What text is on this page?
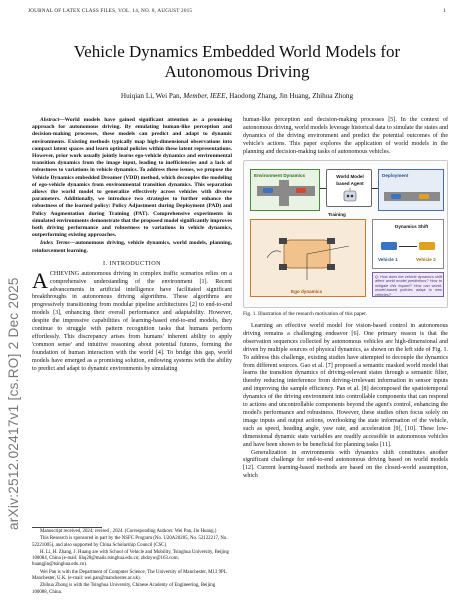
JOURNAL OF LATEX CLASS FILES, VOL. 14, NO. 8, AUGUST 2015	1
arXiv:2512.02417v1 [cs.RO] 2 Dec 2025
Vehicle Dynamics Embedded World Models for
Autonomous Driving
Huiqian Li, Wei Pan, Member, IEEE, Haodong Zhang, Jin Huang, Zhihua Zhong

Abstract—World models have gained significant attention as a promising approach for autonomous driving. By emulating human-like perception and decision-making processes, these models can predict and adapt to dynamic environments. Existing methods typically map high-dimensional observations into compact latent spaces and learn optimal policies within these latent representations. However, prior work usually jointly learns ego-vehicle dynamics and environmental transition dynamics from the image input, leading to inefficiencies and a lack of robustness to variations in vehicle dynamics. To address these issues, we propose the Vehicle Dynamics embedded Dreamer (VDD) method, which decouples the modeling of ego-vehicle dynamics from environmental transition dynamics. This separation allows the world model to generalize effectively across vehicles with diverse parameters. Additionally, we introduce two strategies to further enhance the robustness of the learned policy: Policy Adjustment during Deployment (PAD) and Policy Augmentation during Training (PAT). Comprehensive experiments in simulated environments demonstrate that the proposed model significantly improves both driving performance and robustness to variations in vehicle dynamics, outperforming existing approaches.

Index Terms—autonomous driving, vehicle dynamics, world models, planning, reinforcement learning.

I. INTRODUCTION

ACHIEVING autonomous driving in complex traffic scenarios relies on a comprehensive understanding of the environment [1]. Recent advancements in artificial intelligence have facilitated significant breakthroughs in autonomous driving algorithms. These algorithms are progressively transitioning from modular pipeline architectures [2] to end-to-end models [3], enhancing their overall performance and adaptability. However, despite the impressive capabilities of learning-based end-to-end models, they continue to struggle with pattern recognition tasks that humans perform effortlessly. This discrepancy arises from humans' inherent ability to apply 'common sense' and intuitive reasoning about potential futures, forming the foundation of human interaction with the world [4]. To bridge this gap, world models have emerged as a promising solution, endowing systems with the ability to predict and adapt to dynamic environments by simulating

Manuscript received, 2024; revised , 2024. (Corresponding Authors: Wei Pan, Jin Huang.)

This Research is sponsored in part by the NSFC Program (No. U20A20285, No. 52122217, No. 52221005), and also supported by China Scholarship Council (CSC)

H. Li, H. Zhang, J. Huang are with School of Vehicle and Mobility, Tsinghua University, Beijing 100084, China (e-mail: lihq20@mails.tsinghua.edu.cn; zhdzyw@163.com; huangjin@tsinghua.edu.cn).

Wei Pan is with the Department of Computer Science, The University of Manchester, M13 9PL Manchester, U.K. (e-mail: wei.pan@manchester.ac.uk).

Zhihua Zhong is with the Tsinghua University, Chinese Academy of Engineering, Beijing 100088, China.

human-like perception and decision-making processes [5]. In the context of autonomous driving, world models leverage historical data to simulate the states and dynamics of the driving environment and predict the potential outcomes of the vehicle's actions. This paper explores the application of world models in the planning and decision-making tasks of autonomous vehicles.

Environment Dynamics	World Model based Agent
Deployment
Training
Ego dynamics
Dynamics Shift
Vehicle 1	Vehicle 2
Q: How does the vehicle dynamics shift affect world model predictions? How to mitigate this impact? How can world-model-based policies adapt to new vehicles?

Fig. 1. Illustration of the research motivation of this paper.

Learning an effective world model for vision-based control in autonomous driving remains a challenging endeavor [6]. One primary reason is that the observation sequences collected by autonomous vehicles are high-dimensional and driven by multiple sources of physical dynamics, as shown on the left side of Fig. 1. To address this challenge, existing studies have attempted to decouple the dynamics from different sources. Gao et al. [7] proposed a semantic masked world model that learns the transition dynamics of driving-relevant states through a semantic filter, thereby reducing interference from driving-irrelevant information in sensor inputs and improving the sample efficiency. Pan et al. [8] decomposed the spatiotemporal dynamics of the driving environment into controllable components that can respond to actions and uncontrollable components beyond the agent's control, enhancing the model's performance and robustness. However, these studies often focus solely on image inputs and output actions, overlooking the state information of the vehicle, such as speed, heading angle, yaw rate, and acceleration [9], [10]. These low-dimensional dynamic state variables are readily accessible in autonomous vehicles and have been shown to be beneficial for planning tasks [11].

Generalization in environments with dynamics shift constitutes another significant challenge for end-to-end autonomous driving based on world models [12]. Current learning-based methods are based on the closed-world assumption, which
